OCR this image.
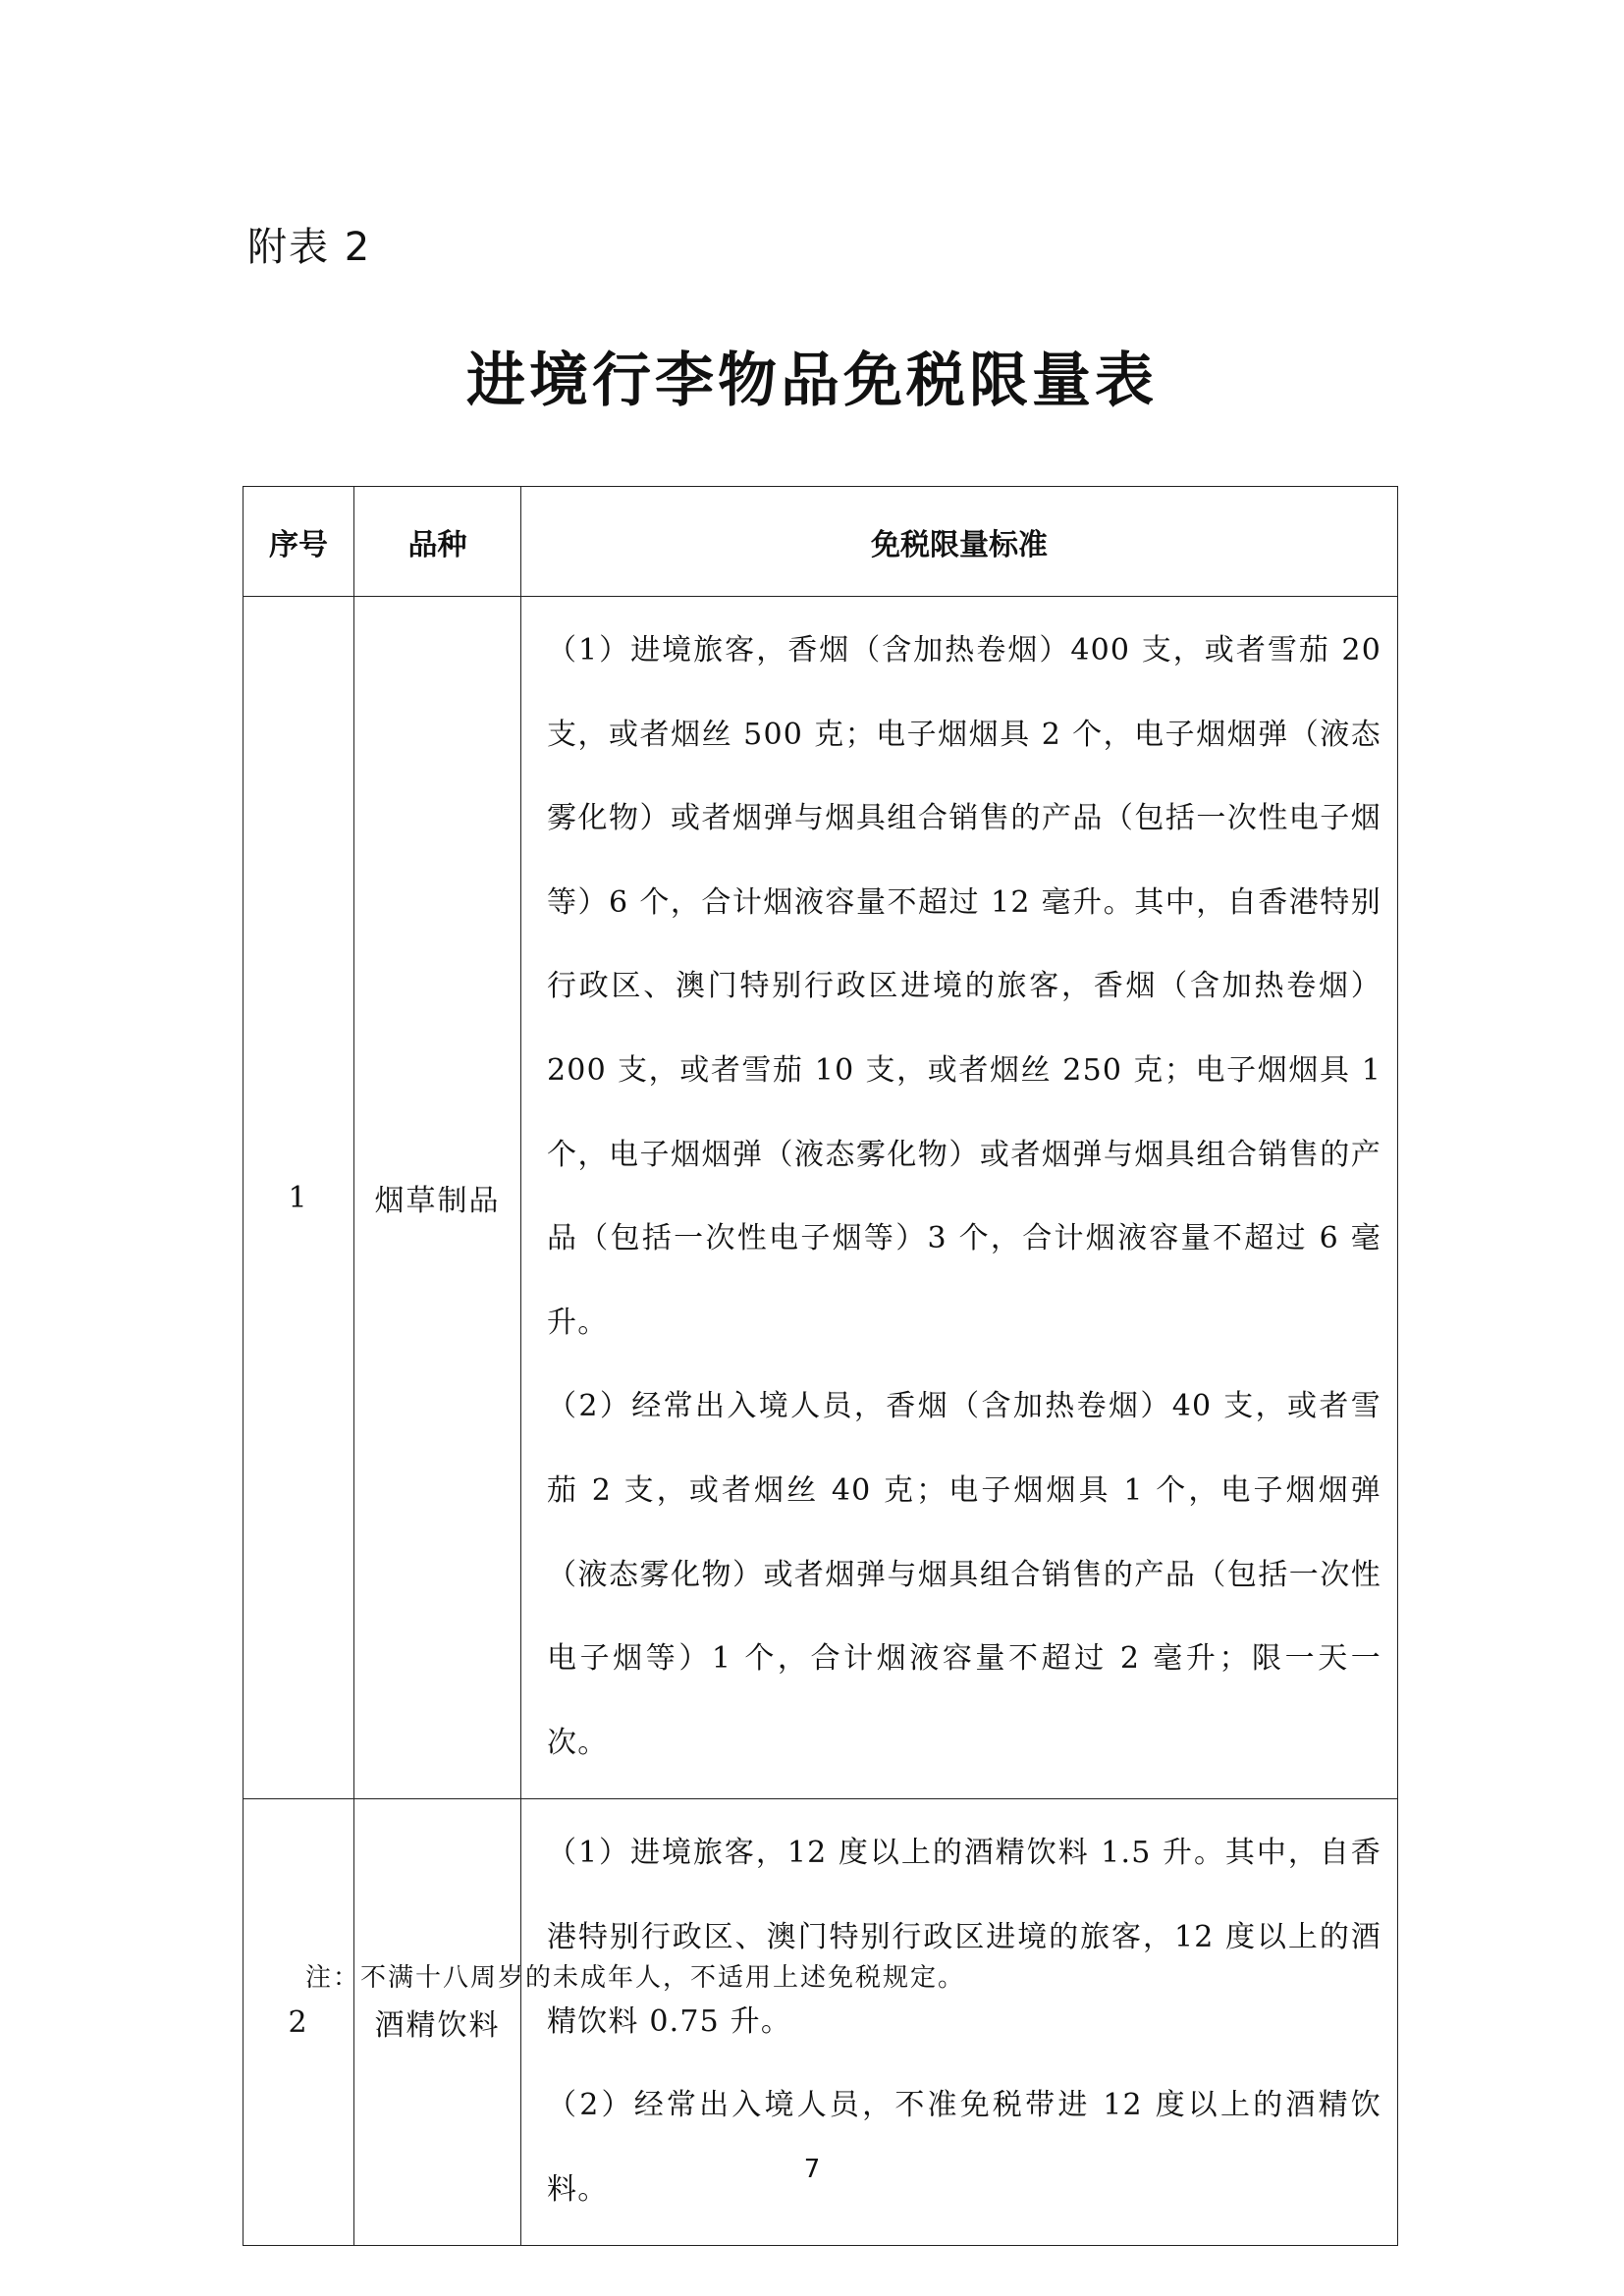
附表 2
进境行李物品免税限量表
序号	品种	免税限量标准
1	烟草制品	（1）进境旅客，香烟（含加热卷烟）400 支，或者雪茄 20 支，或者烟丝 500 克；电子烟烟具 2 个，电子烟烟弹（液态雾化物）或者烟弹与烟具组合销售的产品（包括一次性电子烟等）6 个，合计烟液容量不超过 12 毫升。其中，自香港特别行政区、澳门特别行政区进境的旅客，香烟（含加热卷烟）200 支，或者雪茄 10 支，或者烟丝 250 克；电子烟烟具 1 个，电子烟烟弹（液态雾化物）或者烟弹与烟具组合销售的产品（包括一次性电子烟等）3 个，合计烟液容量不超过 6 毫升。

（2）经常出入境人员，香烟（含加热卷烟）40 支，或者雪茄 2 支，或者烟丝 40 克；电子烟烟具 1 个，电子烟烟弹（液态雾化物）或者烟弹与烟具组合销售的产品（包括一次性电子烟等）1 个，合计烟液容量不超过 2 毫升；限一天一次。

2	酒精饮料	（1）进境旅客，12 度以上的酒精饮料 1.5 升。其中，自香港特别行政区、澳门特别行政区进境的旅客，12 度以上的酒精饮料 0.75 升。

（2）经常出入境人员，不准免税带进 12 度以上的酒精饮料。

注：不满十八周岁的未成年人，不适用上述免税规定。
7
